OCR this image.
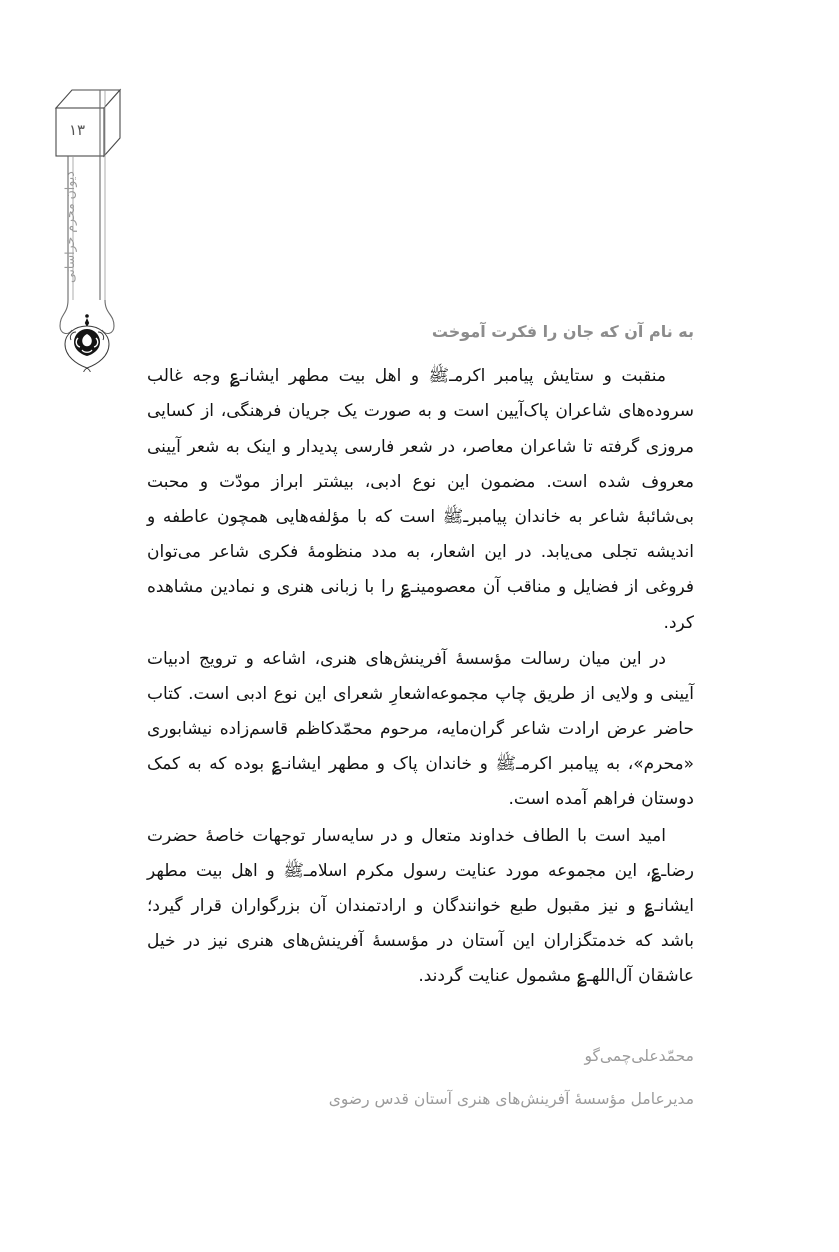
۱۳
دیوان محرم خراسانی
به نام آن که جان را فکرت آموخت

منقبت و ستایش پیامبر اکرمـﷺ و اهل بیت مطهر ایشانـ؏ وجه غالب سروده‌های شاعران پاک‌آیین است و به صورت یک جریان فرهنگی، از کسایی مروزی گرفته تا شاعران معاصر، در شعر فارسی پدیدار و اینک به شعر آیینی معروف شده است. مضمون این نوع ادبی، بیشتر ابراز مودّت و محبت بی‌شائبۀ شاعر به خاندان پیامبرـﷺ است که با مؤلفه‌هایی همچون عاطفه و اندیشه تجلی می‌یابد. در این اشعار، به مدد منظومۀ فکری شاعر می‌توان فروغی از فضایل و مناقب آن معصومینـ؏ را با زبانی هنری و نمادین مشاهده کرد.

در این میان رسالت مؤسسۀ آفرینش‌های هنری، اشاعه و ترویج ادبیات آیینی و ولایی از طریق چاپ مجموعه‌اشعارِ شعرای این نوع ادبی است. کتاب حاضر عرض ارادت شاعر گران‌مایه، مرحوم محمّدکاظم قاسم‌زاده نیشابوری «محرم»، به پیامبر اکرمـﷺ و خاندان پاک و مطهر ایشانـ؏ بوده که به کمک دوستان فراهم آمده است.

امید است با الطاف خداوند متعال و در سایه‌سار توجهات خاصۀ حضرت رضاـ؏، این مجموعه مورد عنایت رسول مکرم اسلامـﷺ و اهل بیت مطهر ایشانـ؏ و نیز مقبول طبع خوانندگان و ارادتمندان آن بزرگواران قرار گیرد؛ باشد که خدمتگزاران این آستان در مؤسسۀ آفرینش‌های هنری نیز در خیل عاشقان آل‌اللهـ؏ مشمول عنایت گردند.

محمّدعلی‌چمی‌گو

مدیرعامل مؤسسۀ آفرینش‌های هنری آستان قدس رضوی
